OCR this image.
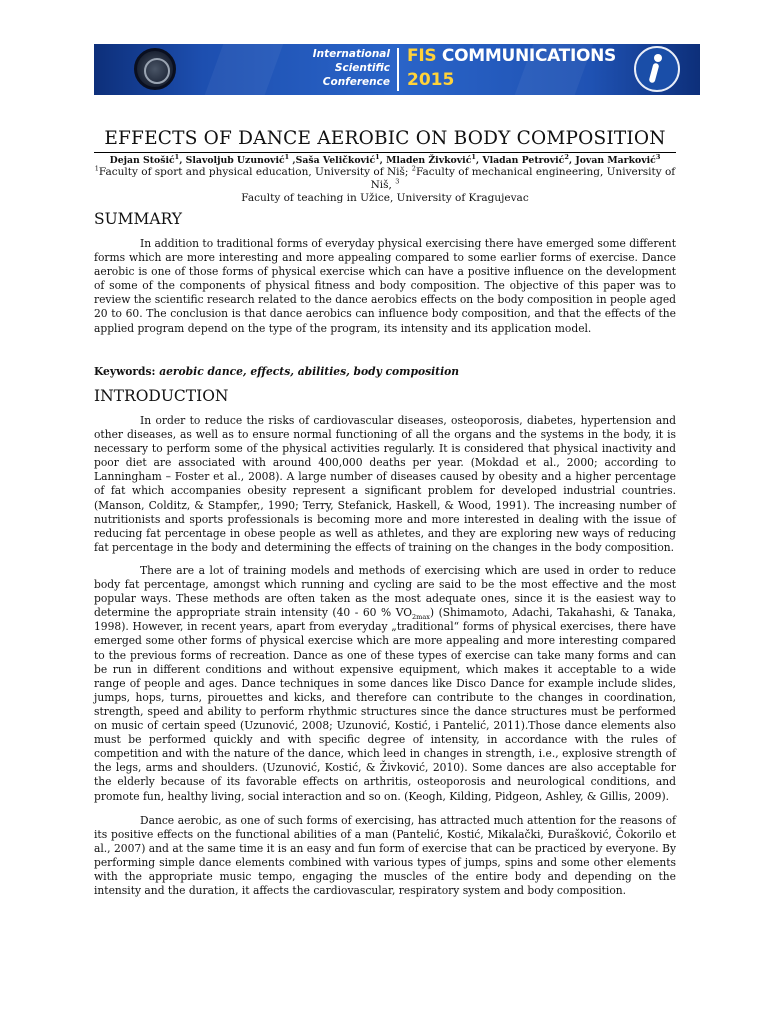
International
Scientific
Conference
FIS COMMUNICATIONS
2015
EFFECTS OF DANCE AEROBIC ON BODY COMPOSITION
Dejan Stošić$^1$, Slavoljub Uzunović$^1$ ,Saša Veličković$^1$, Mladen Živković$^1$, Vladan Petrović$^2$, Jovan Marković$^3$
$^1$Faculty of sport and physical education, University of Niš; $^2$Faculty of mechanical engineering, University of Niš, $^3$
Faculty of teaching in Užice, University of Kragujevac
SUMMARY

In addition to traditional forms of everyday physical exercising there have emerged some different forms which are more interesting and more appealing compared to some earlier forms of exercise. Dance aerobic is one of those forms of physical exercise which can have a positive influence on the development of some of the components of physical fitness and body composition. The objective of this paper was to review the scientific research related to the dance aerobics effects on the body composition in people aged 20 to 60. The conclusion is that dance aerobics can influence body composition, and that the effects of the applied program depend on the type of the program, its intensity and its application model.

Keywords: aerobic dance, effects, abilities, body composition
INTRODUCTION

In order to reduce the risks of cardiovascular diseases, osteoporosis, diabetes, hypertension and other diseases, as well as to ensure normal functioning of all the organs and the systems in the body, it is necessary to perform some of the physical activities regularly. It is considered that physical inactivity and poor diet are associated with around 400,000 deaths per year. (Mokdad et al., 2000; according to Lanningham – Foster et al., 2008). A large number of diseases caused by obesity and a higher percentage of fat which accompanies obesity represent a significant problem for developed industrial countries. (Manson, Colditz, & Stampfer,, 1990; Terry, Stefanick, Haskell, & Wood, 1991). The increasing number of nutritionists and sports professionals is becoming more and more interested in dealing with the issue of reducing fat percentage in obese people as well as athletes, and they are exploring new ways of reducing fat percentage in the body and determining the effects of training on the changes in the body composition.

There are a lot of training models and methods of exercising which are used in order to reduce body fat percentage, amongst which running and cycling are said to be the most effective and the most popular ways. These methods are often taken as the most adequate ones, since it is the easiest way to determine the appropriate strain intensity (40 - 60 % $VO_{2max}$) (Shimamoto, Adachi, Takahashi, & Tanaka, 1998). However, in recent years, apart from everyday „traditional“ forms of physical exercises, there have emerged some other forms of physical exercise which are more appealing and more interesting compared to the previous forms of recreation. Dance as one of these types of exercise can take many forms and can be run in different conditions and without expensive equipment, which makes it acceptable to a wide range of people and ages. Dance techniques in some dances like Disco Dance for example include slides, jumps, hops, turns, pirouettes and kicks, and therefore can contribute to the changes in coordination, strength, speed and ability to perform rhythmic structures since the dance structures must be performed on music of certain speed (Uzunović, 2008; Uzunović, Kostić, i Pantelić, 2011).Those dance elements also must be performed quickly and with specific degree of intensity, in accordance with the rules of competition and with the nature of the dance, which leed in changes in strength, i.e., explosive strength of the legs, arms and shoulders. (Uzunović, Kostić, & Živković, 2010). Some dances are also acceptable for the elderly because of its favorable effects on arthritis, osteoporosis and neurological conditions, and promote fun, healthy living, social interaction and so on. (Keogh, Kilding, Pidgeon, Ashley, & Gillis, 2009).

Dance aerobic, as one of such forms of exercising, has attracted much attention for the reasons of its positive effects on the functional abilities of a man (Pantelić, Kostić, Mikalački, Đurašković, Čokorilo et al., 2007) and at the same time it is an easy and fun form of exercise that can be practiced by everyone. By performing simple dance elements combined with various types of jumps, spins and some other elements with the appropriate music tempo, engaging the muscles of the entire body and depending on the intensity and the duration, it affects the cardiovascular, respiratory system and body composition.
